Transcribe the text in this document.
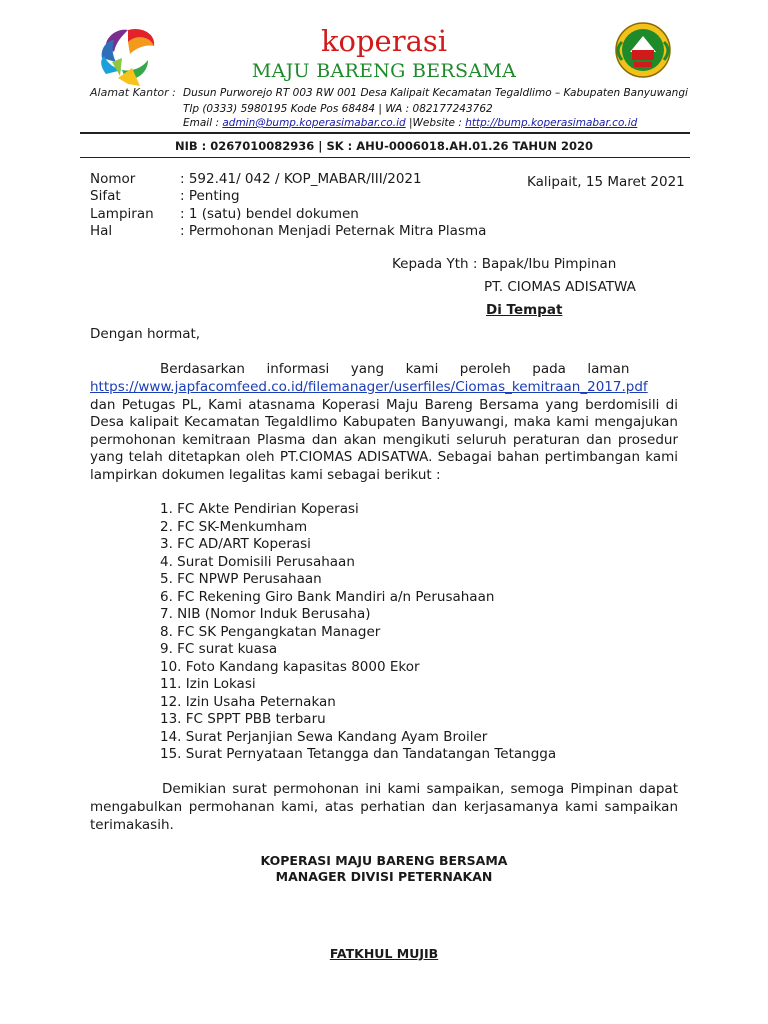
koperasi
MAJU BARENG BERSAMA
Alamat Kantor : Dusun Purworejo RT 003 RW 001 Desa Kalipait Kecamatan Tegaldlimo – Kabupaten Banyuwangi
Tlp (0333) 5980195 Kode Pos 68484 | WA : 082177243762
Email : admin@bump.koperasimabar.co.id |Website : http://bump.koperasimabar.co.id
NIB : 0267010082936 | SK : AHU-0006018.AH.01.26 TAHUN 2020
Nomor	: 592.41/ 042 / KOP_MABAR/III/2021
Sifat	: Penting
Lampiran : 1 (satu) bendel dokumen
Hal	: Permohonan Menjadi Peternak Mitra Plasma
Kalipait, 15 Maret 2021
Kepada Yth : Bapak/Ibu Pimpinan
PT. CIOMAS ADISATWA
Di Tempat
Dengan hormat,
Berdasarkan     informasi     yang     kami     peroleh     pada     laman
https://www.japfacomfeed.co.id/filemanager/userfiles/Ciomas_kemitraan_2017.pdf
dan Petugas PL, Kami atasnama Koperasi Maju Bareng Bersama yang berdomisili di
Desa kalipait Kecamatan Tegaldlimo Kabupaten Banyuwangi, maka kami mengajukan
permohonan kemitraan Plasma dan akan mengikuti seluruh peraturan dan prosedur
yang telah ditetapkan oleh PT.CIOMAS ADISATWA. Sebagai bahan pertimbangan kami
lampirkan dokumen legalitas kami sebagai berikut :
1. FC Akte Pendirian Koperasi
2. FC SK-Menkumham
3. FC AD/ART Koperasi
4. Surat Domisili Perusahaan
5. FC NPWP Perusahaan
6. FC Rekening Giro Bank Mandiri a/n Perusahaan
7. NIB (Nomor Induk Berusaha)
8. FC SK Pengangkatan Manager
9. FC surat kuasa
10. Foto Kandang kapasitas 8000 Ekor
11. Izin Lokasi
12. Izin Usaha Peternakan
13. FC SPPT PBB terbaru
14. Surat Perjanjian Sewa Kandang Ayam Broiler
15. Surat Pernyataan Tetangga dan Tandatangan Tetangga
Demikian surat permohonan ini kami sampaikan, semoga Pimpinan dapat
mengabulkan permohanan kami, atas perhatian dan kerjasamanya kami sampaikan
terimakasih.
KOPERASI MAJU BARENG BERSAMA
MANAGER DIVISI PETERNAKAN
FATKHUL MUJIB
